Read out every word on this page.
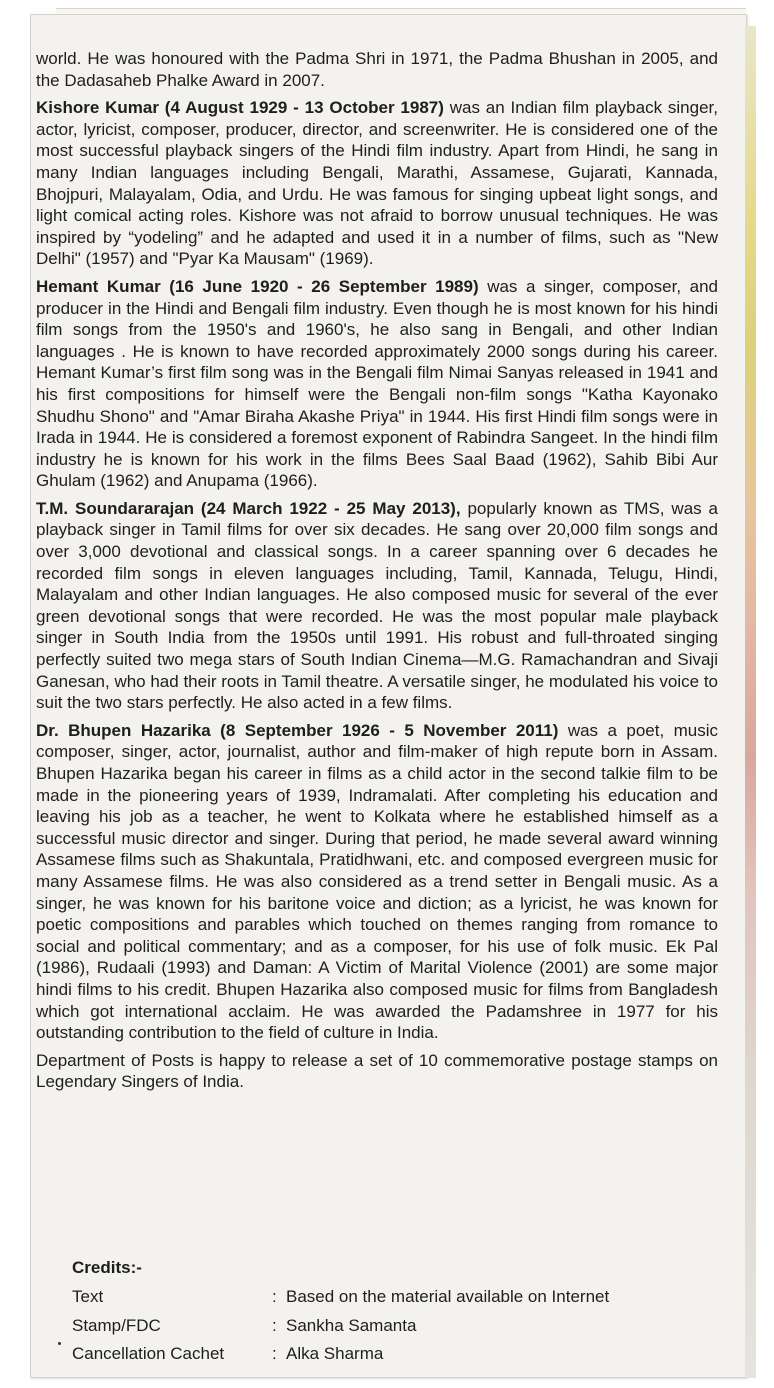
world. He was honoured with the Padma Shri in 1971, the Padma Bhushan in 2005, and the Dadasaheb Phalke Award in 2007.

Kishore Kumar (4 August 1929 - 13 October 1987) was an Indian film playback singer, actor, lyricist, composer, producer, director, and screenwriter. He is considered one of the most successful playback singers of the Hindi film industry. Apart from Hindi, he sang in many Indian languages including Bengali, Marathi, Assamese, Gujarati, Kannada, Bhojpuri, Malayalam, Odia, and Urdu. He was famous for singing upbeat light songs, and light comical acting roles. Kishore was not afraid to borrow unusual techniques. He was inspired by “yodeling” and he adapted and used it in a number of films, such as "New Delhi" (1957) and "Pyar Ka Mausam" (1969).

Hemant Kumar (16 June 1920 - 26 September 1989) was a singer, composer, and producer in the Hindi and Bengali film industry. Even though he is most known for his hindi film songs from the 1950's and 1960's, he also sang in Bengali, and other Indian languages . He is known to have recorded approximately 2000 songs during his career. Hemant Kumar’s first film song was in the Bengali film Nimai Sanyas released in 1941 and his first compositions for himself were the Bengali non-film songs "Katha Kayonako Shudhu Shono" and "Amar Biraha Akashe Priya" in 1944. His first Hindi film songs were in Irada in 1944. He is considered a foremost exponent of Rabindra Sangeet. In the hindi film industry he is known for his work in the films Bees Saal Baad (1962), Sahib Bibi Aur Ghulam (1962) and Anupama (1966).

T.M. Soundararajan (24 March 1922 - 25 May 2013), popularly known as TMS, was a playback singer in Tamil films for over six decades. He sang over 20,000 film songs and over 3,000 devotional and classical songs. In a career spanning over 6 decades he recorded film songs in eleven languages including, Tamil, Kannada, Telugu, Hindi, Malayalam and other Indian languages. He also composed music for several of the ever green devotional songs that were recorded. He was the most popular male playback singer in South India from the 1950s until 1991. His robust and full-throated singing perfectly suited two mega stars of South Indian Cinema—M.G. Ramachandran and Sivaji Ganesan, who had their roots in Tamil theatre. A versatile singer, he modulated his voice to suit the two stars perfectly. He also acted in a few films.

Dr. Bhupen Hazarika (8 September 1926 - 5 November 2011) was a poet, music composer, singer, actor, journalist, author and film-maker of high repute born in Assam. Bhupen Hazarika began his career in films as a child actor in the second talkie film to be made in the pioneering years of 1939, Indramalati. After completing his education and leaving his job as a teacher, he went to Kolkata where he established himself as a successful music director and singer. During that period, he made several award winning Assamese films such as Shakuntala, Pratidhwani, etc. and composed evergreen music for many Assamese films. He was also considered as a trend setter in Bengali music. As a singer, he was known for his baritone voice and diction; as a lyricist, he was known for poetic compositions and parables which touched on themes ranging from romance to social and political commentary; and as a composer, for his use of folk music. Ek Pal (1986), Rudaali (1993) and Daman: A Victim of Marital Violence (2001) are some major hindi films to his credit. Bhupen Hazarika also composed music for films from Bangladesh which got international acclaim. He was awarded the Padamshree in 1977 for his outstanding contribution to the field of culture in India.

Department of Posts is happy to release a set of 10 commemorative postage stamps on Legendary Singers of India.

Credits:-
Text	: Based on the material available on Internet
Stamp/FDC	: Sankha Samanta
Cancellation Cachet	: Alka Sharma
